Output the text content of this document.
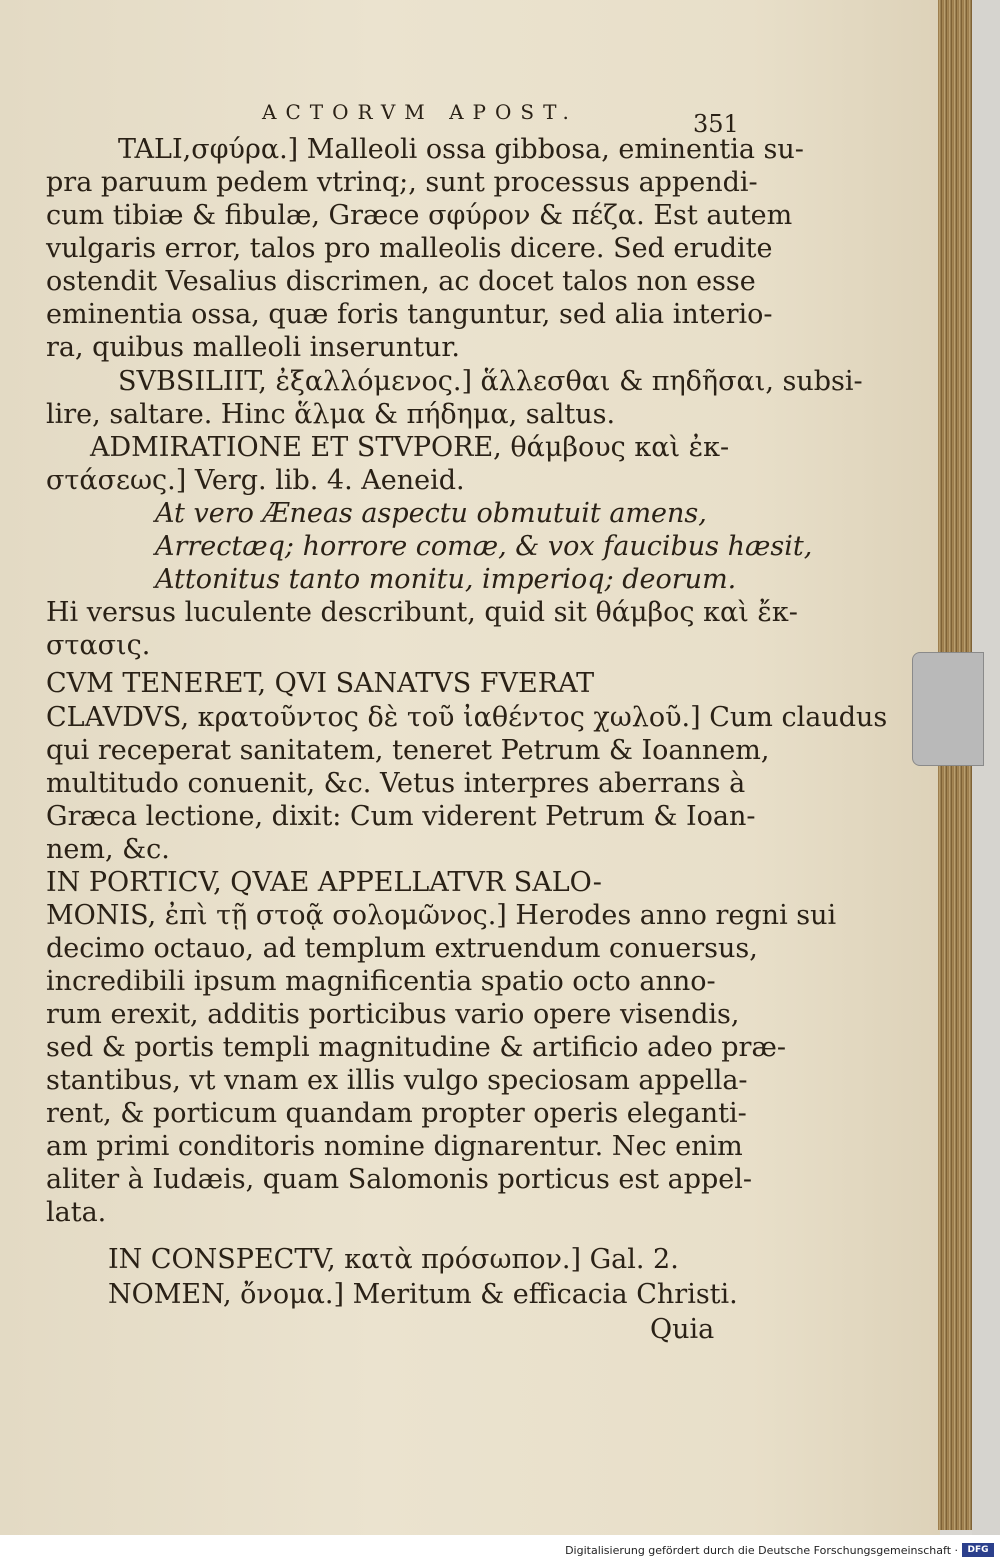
ACTORVM APOST.	351
TALI,σφύρα.] Malleoli ossa gibbosa, eminentia su-
pra paruum pedem vtrinq;, sunt processus appendi-
cum tibiæ & fibulæ, Græce σφύρον & πέζα. Est autem
vulgaris error, talos pro malleolis dicere. Sed erudite
ostendit Vesalius discrimen, ac docet talos non esse
eminentia ossa, quæ foris tanguntur, sed alia interio-
ra, quibus malleoli inseruntur.
SVBSILIIT, ἐξαλλόμενος.] ἅλλεσθαι & πηδῆσαι, subsi-
lire, saltare. Hinc ἅλμα & πήδημα, saltus.
ADMIRATIONE ET STVPORE, θάμβους καὶ ἐκ-
στάσεως.] Verg. lib. 4. Aeneid.
At vero Æneas aspectu obmutuit amens,
Arrectæq; horrore comæ, & vox faucibus hæsit,
Attonitus tanto monitu, imperioq; deorum.
Hi versus luculente describunt, quid sit θάμβος καὶ ἔκ-
στασις.
CVM TENERET, QVI SANATVS FVERAT
CLAVDVS, κρατοῦντος δὲ τοῦ ἰαθέντος χωλοῦ.] Cum claudus
qui receperat sanitatem, teneret Petrum & Ioannem,
multitudo conuenit, &c. Vetus interpres aberrans à
Græca lectione, dixit: Cum viderent Petrum & Ioan-
nem, &c.
IN PORTICV, QVAE APPELLATVR SALO-
MONIS, ἐπὶ τῇ στοᾷ σολομῶνος.] Herodes anno regni sui
decimo octauo, ad templum extruendum conuersus,
incredibili ipsum magnificentia spatio octo anno-
rum erexit, additis porticibus vario opere visendis,
sed & portis templi magnitudine & artificio adeo præ-
stantibus, vt vnam ex illis vulgo speciosam appella-
rent, & porticum quandam propter operis eleganti-
am primi conditoris nomine dignarentur. Nec enim
aliter à Iudæis, quam Salomonis porticus est appel-
lata.
IN CONSPECTV, κατὰ πρόσωπον.] Gal. 2.
NOMEN, ὄνομα.] Meritum & efficacia Christi.
Quia
Digitalisierung gefördert durch die Deutsche Forschungsgemeinschaft ·	DFG
